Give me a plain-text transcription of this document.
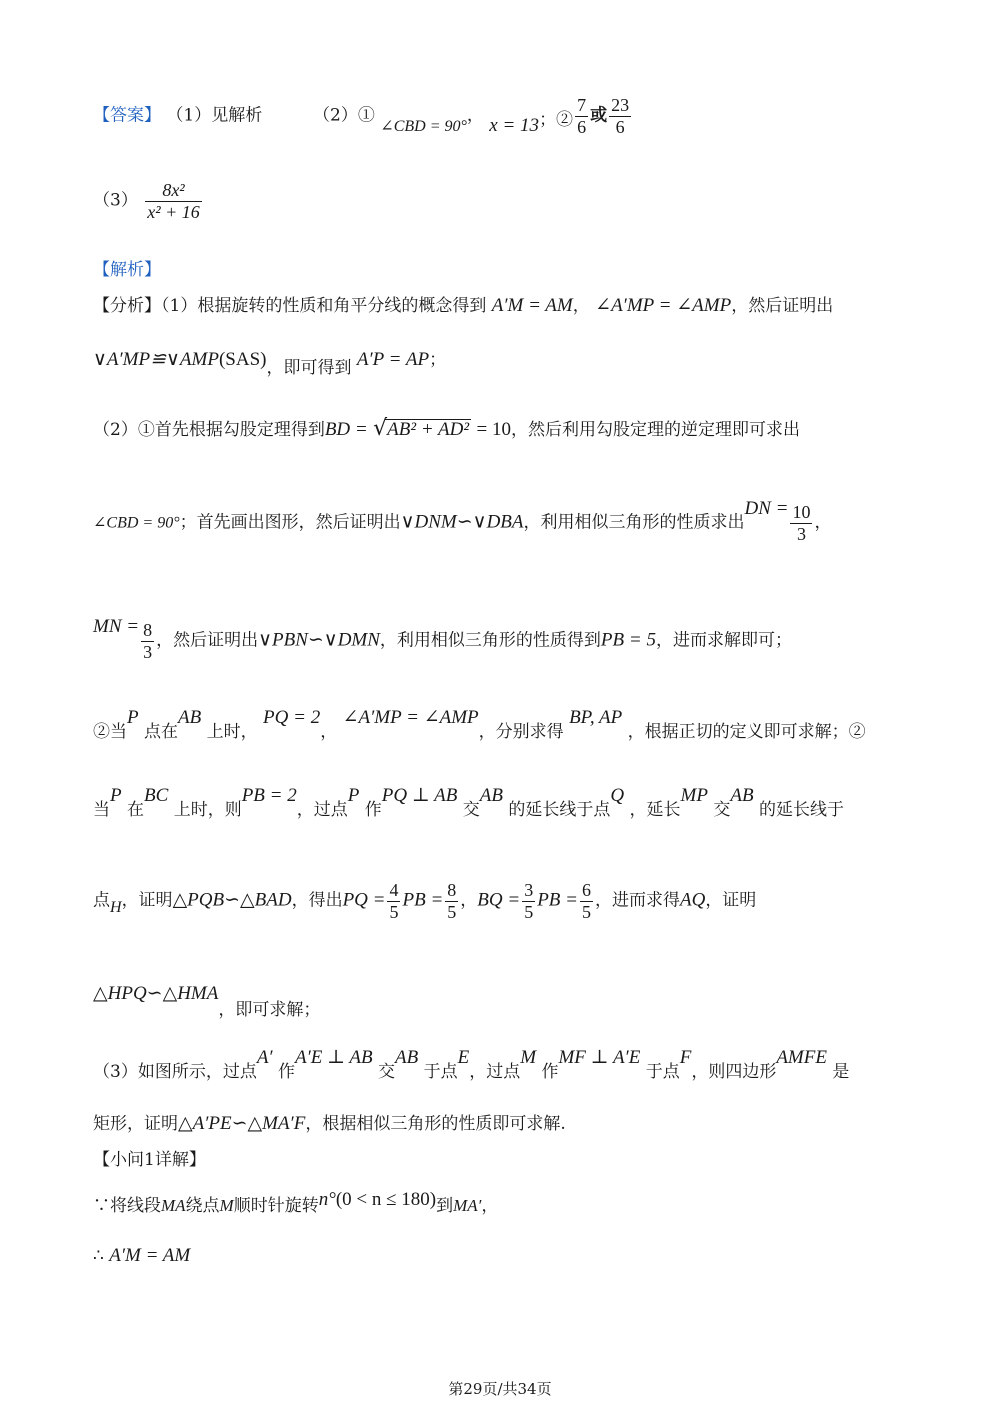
【答案】 （1）见解析	（2）① ∠CBD = 90°， x = 13；② $\frac{7}{6}$ 或 $\frac{23}{6}$
$(3) \frac{\text{8x²}}{\text{x² + 16}}$
【解析】
【分析】（1）根据旋转的性质和角平分线的概念得到 A′M = AM， ∠A′MP = ∠AMP，然后证明出
∨A′MP≌∨AMP(SAS)，即可得到 A′P = AP；
（2）①首先根据勾股定理得到BD = √AB² + AD² = 10，然后利用勾股定理的逆定理即可求出
∠CBD = 90°；首先画出图形，然后证明出∨DNM∽∨DBA，利用相似三角形的性质求出DN = $\frac{10}{3}$ ，
MN = $\frac{8}{3}$ ，然后证明出∨PBN∽∨DMN，利用相似三角形的性质得到PB = 5，进而求解即可；
②当P 点在AB 上时， PQ = 2， ∠A′MP = ∠AMP，分别求得 BP, AP ，根据正切的定义即可求解；②
当P 在BC 上时，则PB = 2，过点P 作PQ ⊥ AB 交AB 的延长线于点Q ，延长MP 交AB 的延长线于
点H，证明△PQB∽△BAD，得出PQ = $\frac{4}{5}$ PB = $\frac{8}{5}$ ，BQ = $\frac{3}{5}$ PB = $\frac{6}{5}$ ，进而求得AQ，证明
△HPQ∽△HMA，即可求解；
（3）如图所示，过点A′ 作A′E ⊥ AB 交AB 于点E，过点M 作MF ⊥ A′E 于点F，则四边形AMFE 是
矩形，证明△A′PE∽△MA′F，根据相似三角形的性质即可求解.
【小问1详解】
∵将线段MA绕点M顺时针旋转n°(0 < n ≤ 180)到MA′，
∴ A′M = AM
第29页/共34页
